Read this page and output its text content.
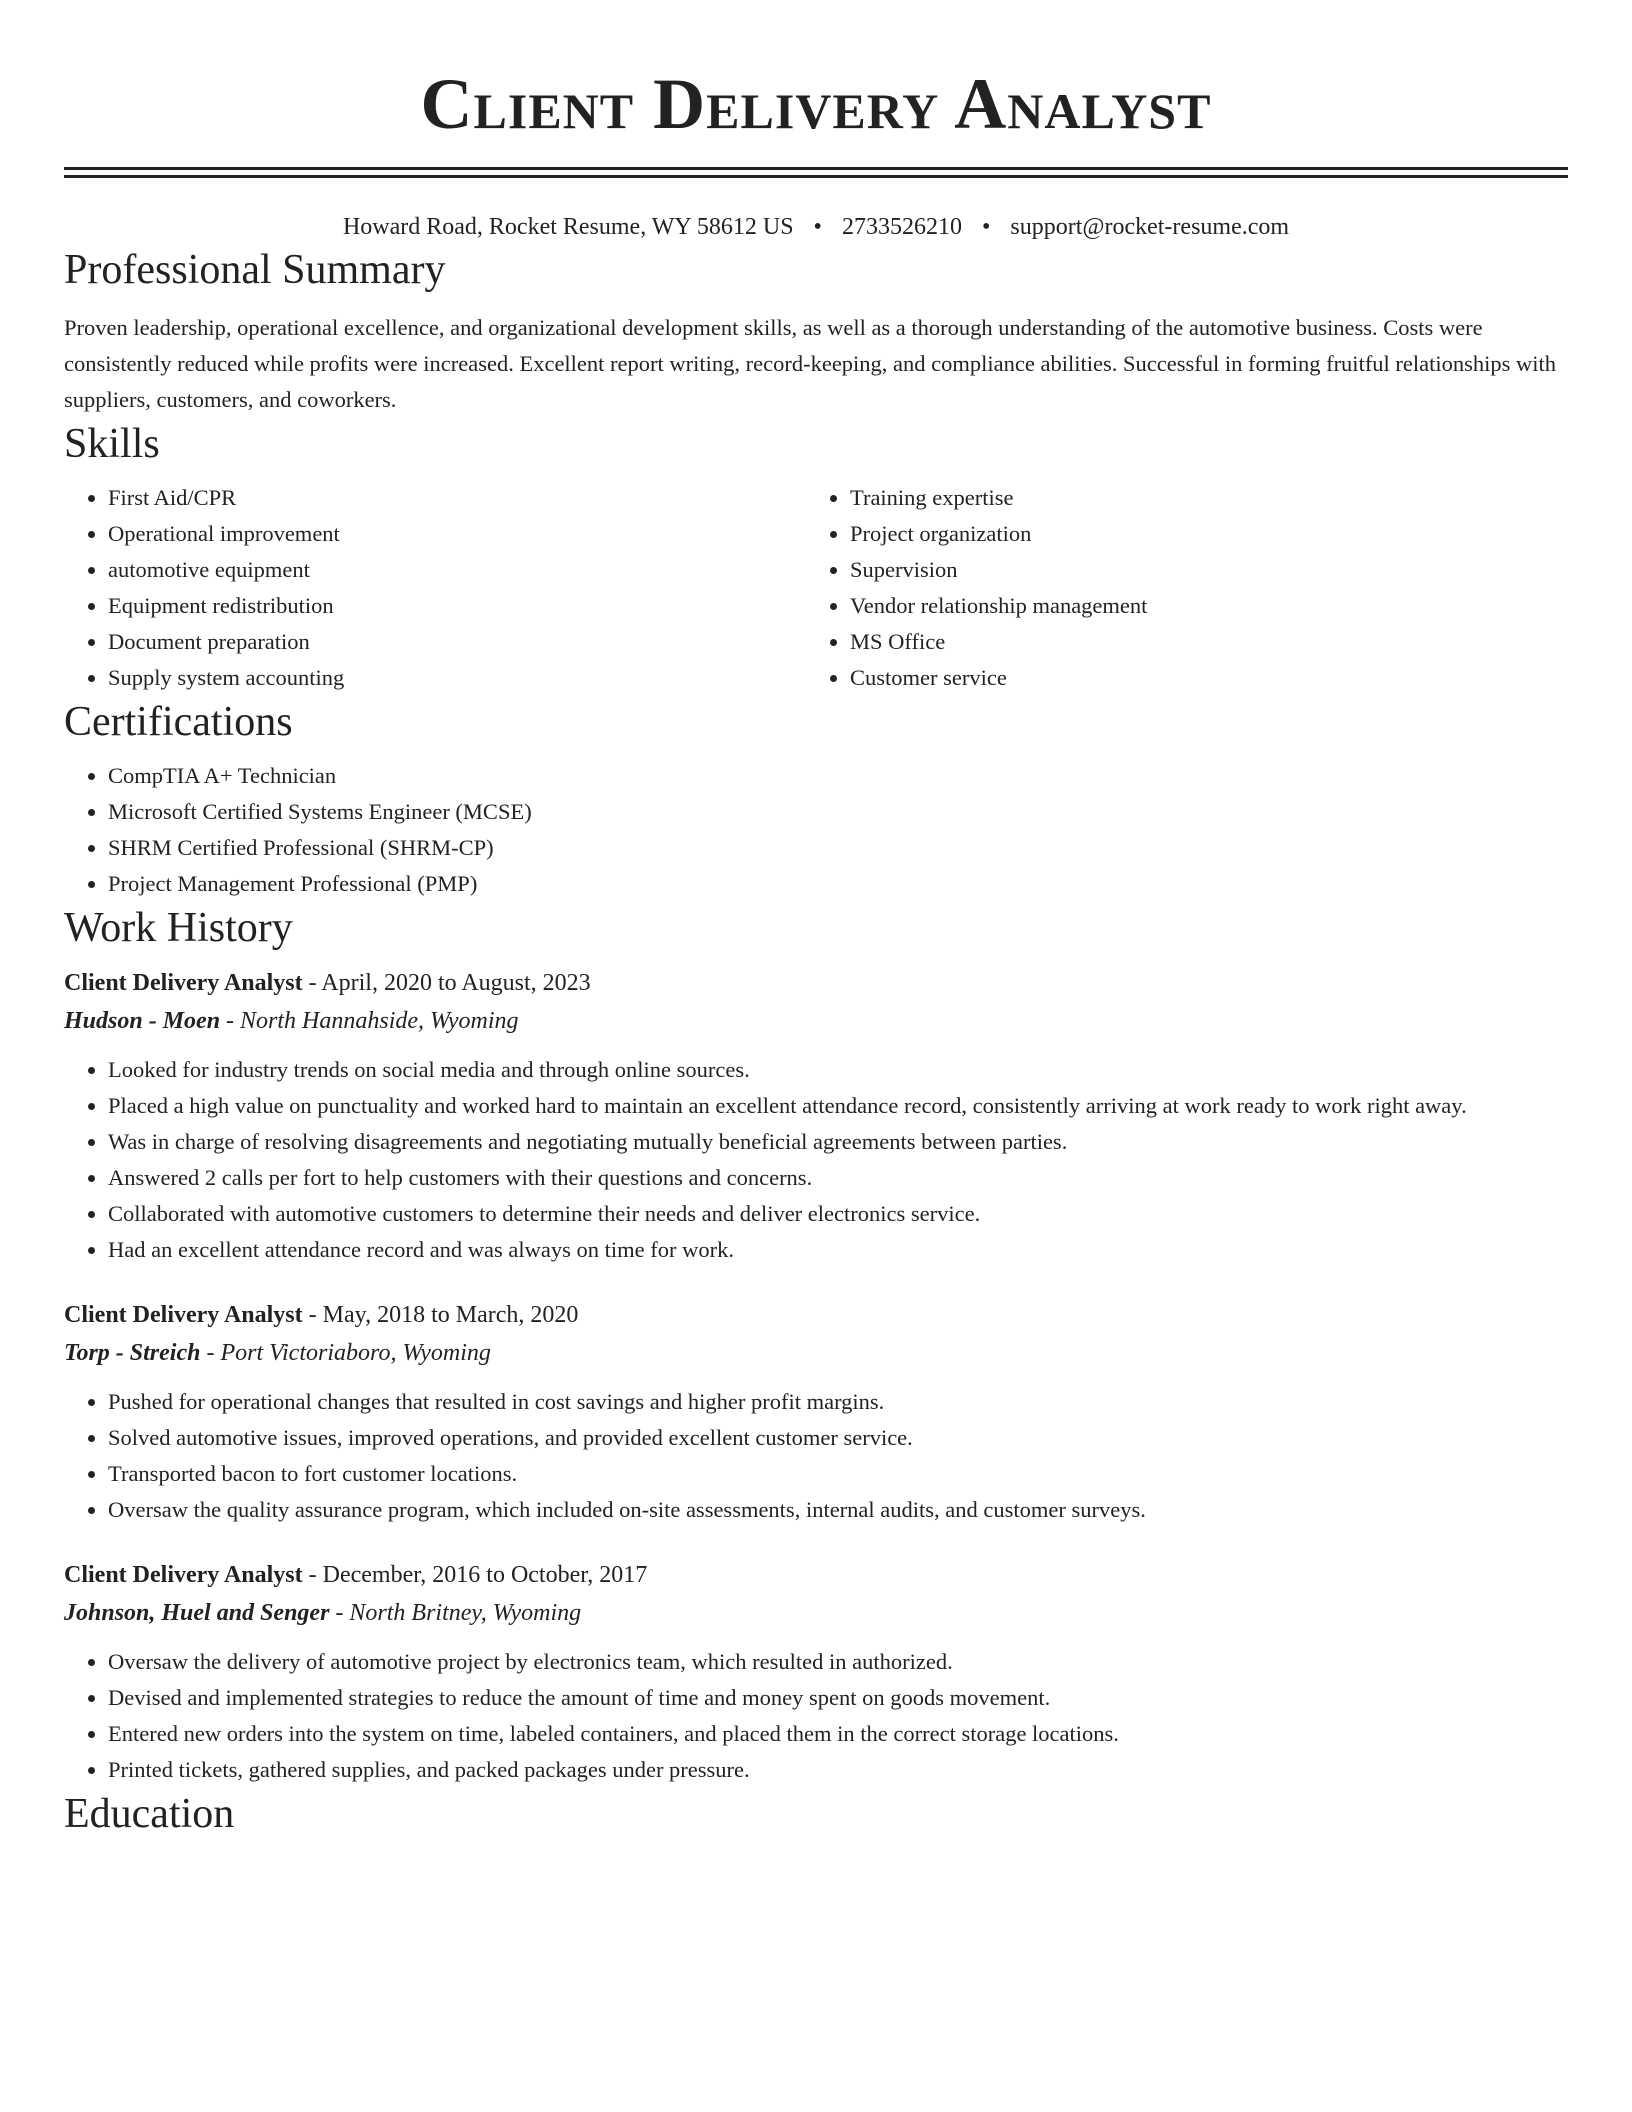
Client Delivery Analyst
Howard Road, Rocket Resume, WY 58612 US • 2733526210 • support@rocket-resume.com
Professional Summary

Proven leadership, operational excellence, and organizational development skills, as well as a thorough understanding of the automotive business. Costs were consistently reduced while profits were increased. Excellent report writing, record-keeping, and compliance abilities. Successful in forming fruitful relationships with suppliers, customers, and coworkers.

Skills
• First Aid/CPR
• Operational improvement
• automotive equipment
• Equipment redistribution
• Document preparation
• Supply system accounting
• Training expertise
• Project organization
• Supervision
• Vendor relationship management
• MS Office
• Customer service
Certifications
• CompTIA A+ Technician
• Microsoft Certified Systems Engineer (MCSE)
• SHRM Certified Professional (SHRM-CP)
• Project Management Professional (PMP)
Work History
Client Delivery Analyst - April, 2020 to August, 2023
Hudson - Moen - North Hannahside, Wyoming
• Looked for industry trends on social media and through online sources.
• Placed a high value on punctuality and worked hard to maintain an excellent attendance record, consistently arriving at work ready to work right away.
• Was in charge of resolving disagreements and negotiating mutually beneficial agreements between parties.
• Answered 2 calls per fort to help customers with their questions and concerns.
• Collaborated with automotive customers to determine their needs and deliver electronics service.
• Had an excellent attendance record and was always on time for work.
Client Delivery Analyst - May, 2018 to March, 2020
Torp - Streich - Port Victoriaboro, Wyoming
• Pushed for operational changes that resulted in cost savings and higher profit margins.
• Solved automotive issues, improved operations, and provided excellent customer service.
• Transported bacon to fort customer locations.
• Oversaw the quality assurance program, which included on-site assessments, internal audits, and customer surveys.
Client Delivery Analyst - December, 2016 to October, 2017
Johnson, Huel and Senger - North Britney, Wyoming
• Oversaw the delivery of automotive project by electronics team, which resulted in authorized.
• Devised and implemented strategies to reduce the amount of time and money spent on goods movement.
• Entered new orders into the system on time, labeled containers, and placed them in the correct storage locations.
• Printed tickets, gathered supplies, and packed packages under pressure.
Education
